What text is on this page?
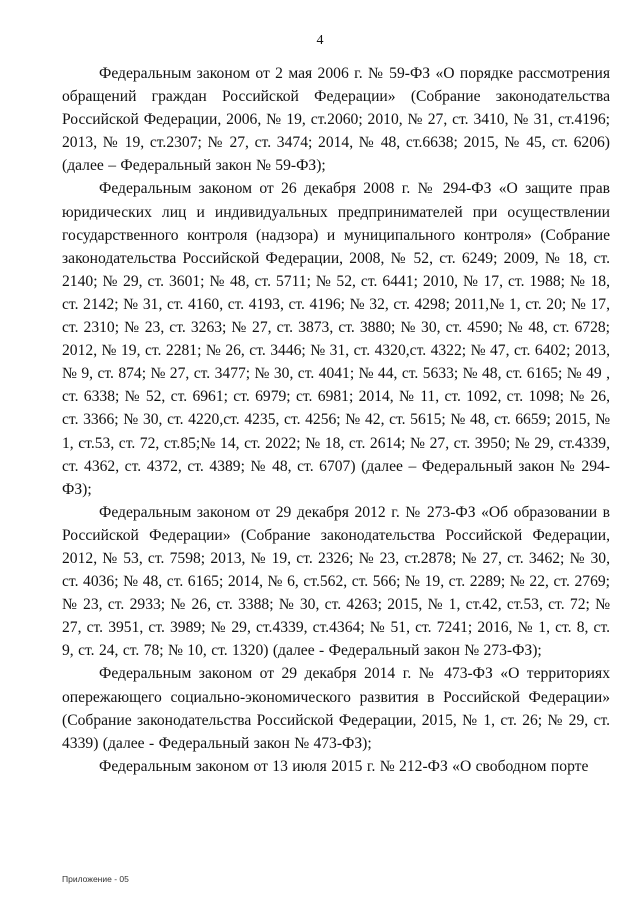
4

Федеральным законом от 2 мая 2006 г. № 59-ФЗ «О порядке рассмотрения обращений граждан Российской Федерации» (Собрание законодательства Российской Федерации, 2006, № 19, ст.2060; 2010, № 27, ст. 3410, № 31, ст.4196; 2013, № 19, ст.2307; № 27, ст. 3474; 2014, № 48, ст.6638; 2015, № 45, ст. 6206) (далее – Федеральный закон № 59-ФЗ);

Федеральным законом от 26 декабря 2008 г. № 294-ФЗ «О защите прав юридических лиц и индивидуальных предпринимателей при осуществлении государственного контроля (надзора) и муниципального контроля» (Собрание законодательства Российской Федерации, 2008, № 52, ст. 6249; 2009, № 18, ст. 2140; № 29, ст. 3601; № 48, ст. 5711; № 52, ст. 6441; 2010, № 17, ст. 1988; № 18, ст. 2142; № 31, ст. 4160, ст. 4193, ст. 4196; № 32, ст. 4298; 2011,№ 1, ст. 20; № 17, ст. 2310; № 23, ст. 3263; № 27, ст. 3873, ст. 3880; № 30, ст. 4590; № 48, ст. 6728; 2012, № 19, ст. 2281; № 26, ст. 3446; № 31, ст. 4320,ст. 4322; № 47, ст. 6402; 2013, № 9, ст. 874; № 27, ст. 3477; № 30, ст. 4041; № 44, ст. 5633; № 48, ст. 6165; № 49 , ст. 6338; № 52, ст. 6961; ст. 6979; ст. 6981; 2014, № 11, ст. 1092, ст. 1098; № 26, ст. 3366; № 30, ст. 4220,ст. 4235, ст. 4256; № 42, ст. 5615; № 48, ст. 6659; 2015, № 1, ст.53, ст. 72, ст.85;№ 14, ст. 2022; № 18, ст. 2614; № 27, ст. 3950; № 29, ст.4339, ст. 4362, ст. 4372, ст. 4389; № 48, ст. 6707) (далее – Федеральный закон № 294-ФЗ);

Федеральным законом от 29 декабря 2012 г. № 273-ФЗ «Об образовании в Российской Федерации» (Собрание законодательства Российской Федерации, 2012, № 53, ст. 7598; 2013, № 19, ст. 2326; № 23, ст.2878; № 27, ст. 3462; № 30, ст. 4036; № 48, ст. 6165; 2014, № 6, ст.562, ст. 566; № 19, ст. 2289; № 22, ст. 2769; № 23, ст. 2933; № 26, ст. 3388; № 30, ст. 4263; 2015, № 1, ст.42, ст.53, ст. 72; № 27, ст. 3951, ст. 3989; № 29, ст.4339, ст.4364; № 51, ст. 7241; 2016, № 1, ст. 8, ст. 9, ст. 24, ст. 78; № 10, ст. 1320) (далее - Федеральный закон № 273-ФЗ);

Федеральным законом от 29 декабря 2014 г. № 473-ФЗ «О территориях опережающего социально-экономического развития в Российской Федерации» (Собрание законодательства Российской Федерации, 2015, № 1, ст. 26; № 29, ст. 4339) (далее - Федеральный закон № 473-ФЗ);

Федеральным законом от 13 июля 2015 г. № 212-ФЗ «О свободном порте

Приложение - 05
